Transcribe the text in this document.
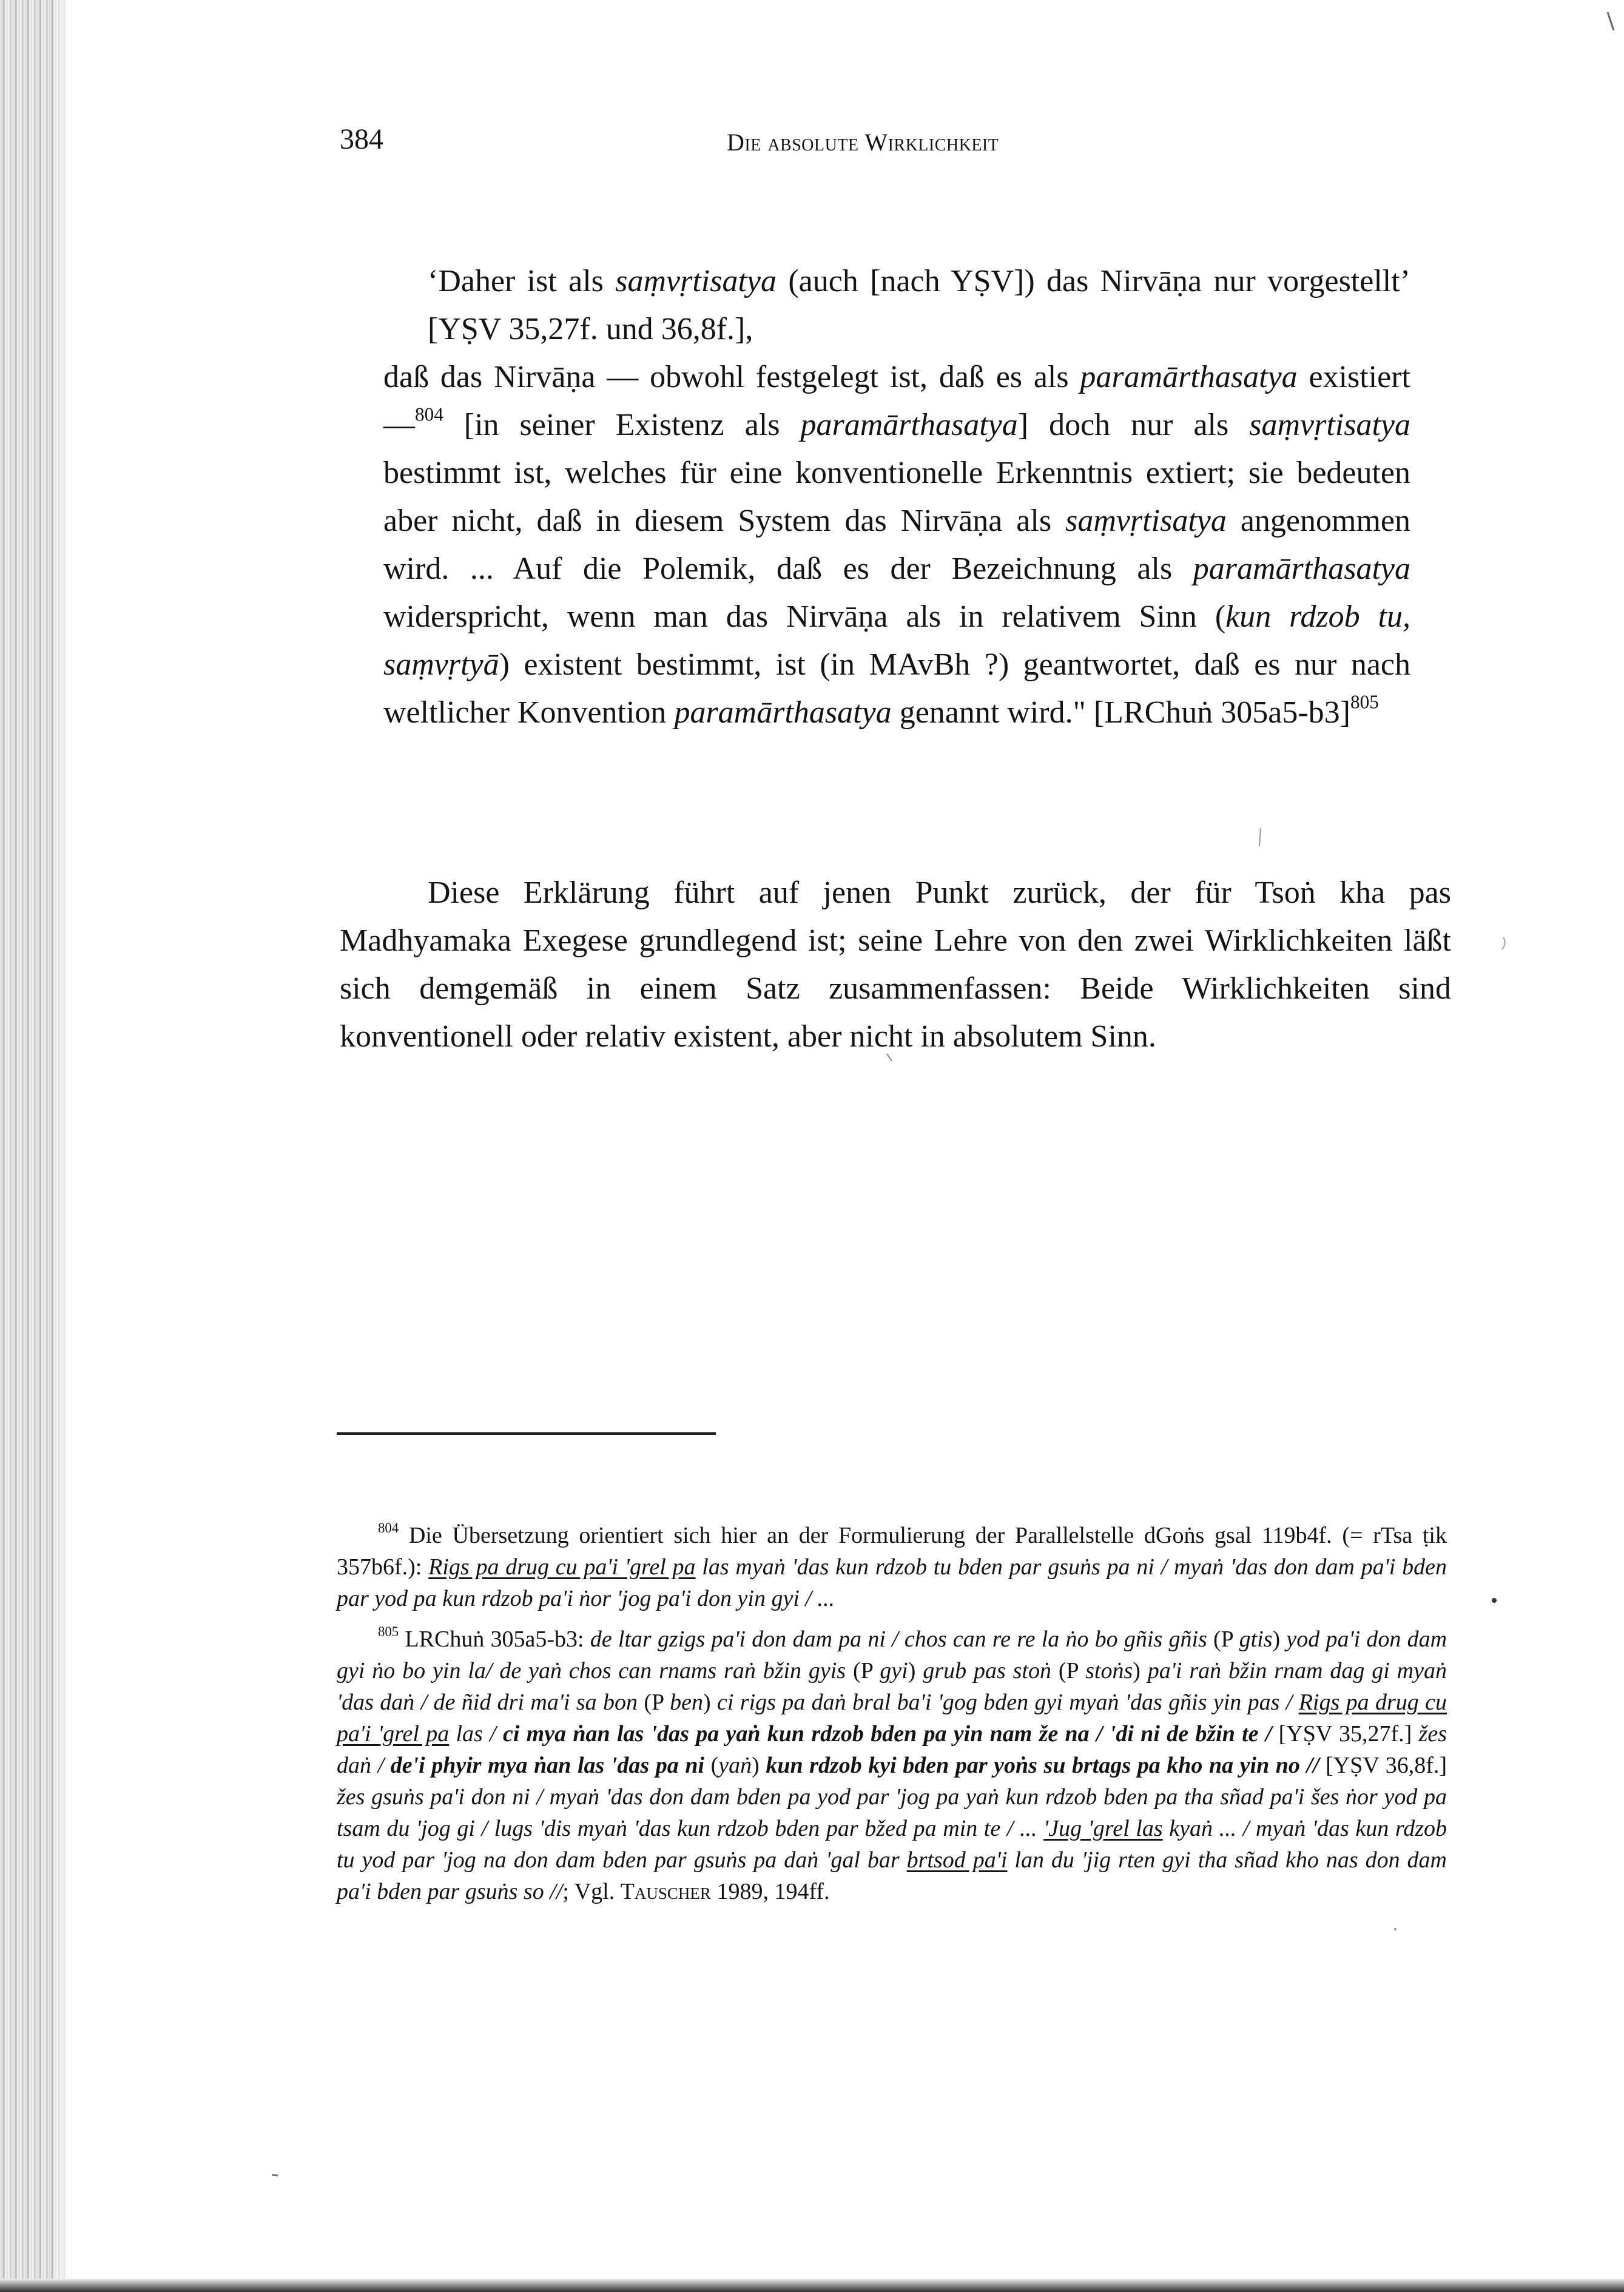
384	Die absolute Wirklichkeit

‘Daher ist als saṃvṛtisatya (auch [nach YṢV]) das Nirvāṇa nur vorgestellt’ [YṢV 35,27f. und 36,8f.],

daß das Nirvāṇa — obwohl festgelegt ist, daß es als paramārthasatya existiert —$^{804}$ [in seiner Existenz als paramārthasatya] doch nur als saṃvṛtisatya bestimmt ist, welches für eine konventionelle Erkenntnis extiert; sie bedeuten aber nicht, daß in diesem System das Nirvāṇa als saṃvṛtisatya angenommen wird. ... Auf die Polemik, daß es der Bezeichnung als paramārthasatya widerspricht, wenn man das Nirvāṇa als in relativem Sinn (kun rdzob tu, saṃvṛtyā) existent bestimmt, ist (in MAvBh ?) geantwortet, daß es nur nach weltlicher Konvention paramārthasatya genannt wird." [LRChuṅ 305a5-b3]$^{805}$

Diese Erklärung führt auf jenen Punkt zurück, der für Tsoṅ kha pas Madhyamaka Exegese grundlegend ist; seine Lehre von den zwei Wirklichkeiten läßt sich demgemäß in einem Satz zusammenfassen: Beide Wirklichkeiten sind konventionell oder relativ existent, aber nicht in absolutem Sinn.

$^{804}$ Die Übersetzung orientiert sich hier an der Formulierung der Parallelstelle dGoṅs gsal 119b4f. (= rTsa ṭik 357b6f.): Rigs pa drug cu pa'i 'grel pa las myaṅ 'das kun rdzob tu bden par gsuṅs pa ni / myaṅ 'das don dam pa'i bden par yod pa kun rdzob pa'i ṅor 'jog pa'i don yin gyi / ...

$^{805}$ LRChuṅ 305a5-b3: de ltar gzigs pa'i don dam pa ni / chos can re re la ṅo bo gñis gñis (P gtis) yod pa'i don dam gyi ṅo bo yin la/ de yaṅ chos can rnams raṅ bžin gyis (P gyi) grub pas stoṅ (P stoṅs) pa'i raṅ bžin rnam dag gi myaṅ 'das daṅ / de ñid dri ma'i sa bon (P ben) ci rigs pa daṅ bral ba'i 'gog bden gyi myaṅ 'das gñis yin pas / Rigs pa drug cu pa'i 'grel pa las / ci mya ṅan las 'das pa yaṅ kun rdzob bden pa yin nam že na / 'di ni de bžin te / [YṢV 35,27f.] žes daṅ / de'i phyir mya ṅan las 'das pa ni (yaṅ) kun rdzob kyi bden par yoṅs su brtags pa kho na yin no // [YṢV 36,8f.] žes gsuṅs pa'i don ni / myaṅ 'das don dam bden pa yod par 'jog pa yaṅ kun rdzob bden pa tha sñad pa'i šes ṅor yod pa tsam du 'jog gi / lugs 'dis myaṅ 'das kun rdzob bden par bžed pa min te / ... 'Jug 'grel las kyaṅ ... / myaṅ 'das kun rdzob tu yod par 'jog na don dam bden par gsuṅs pa daṅ 'gal bar brtsod pa'i lan du 'jig rten gyi tha sñad kho nas don dam pa'i bden par gsuṅs so //; Vgl. Tauscher 1989, 194ff.
